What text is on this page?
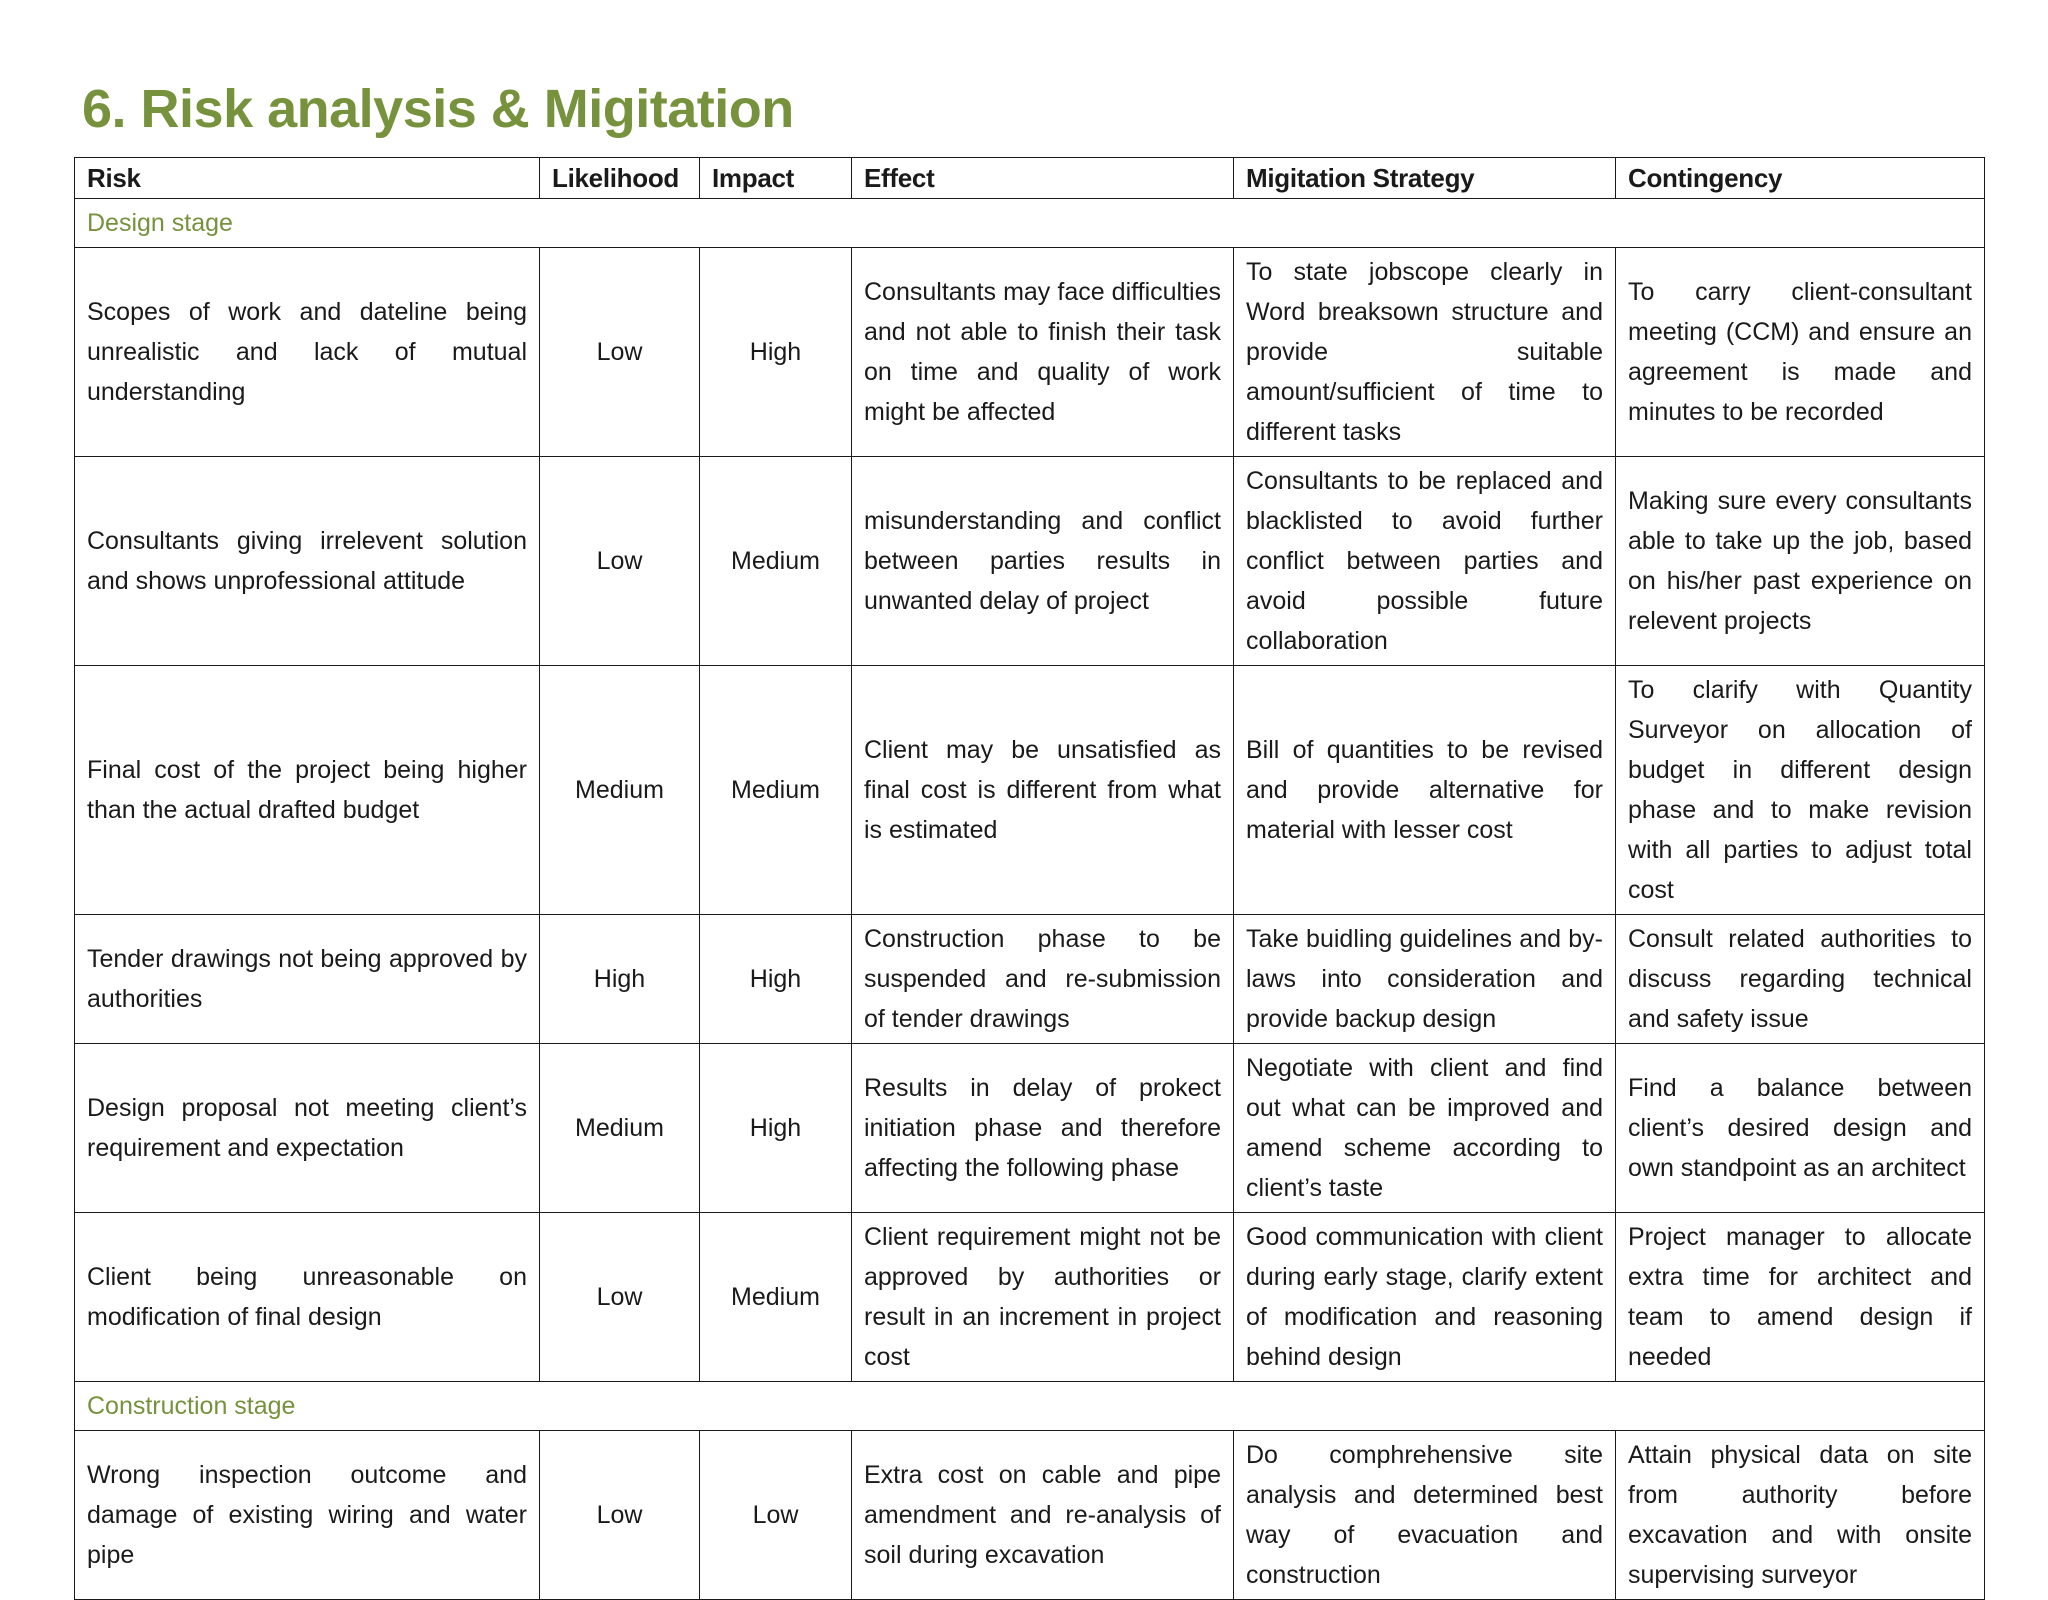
6. Risk analysis & Migitation
Risk	Likelihood	Impact	Effect	Migitation Strategy	Contingency
Design stage					
Scopes of work and dateline being unrealistic and lack of mutual understanding	Low	High	Consultants may face difficulties and not able to finish their task on time and quality of work might be affected	To state jobscope clearly in Word breaksown structure and provide suitable amount/sufficient of time to different tasks	To carry client-consultant meeting (CCM) and ensure an agreement is made and minutes to be recorded
Consultants giving irrelevent solution and shows unprofessional attitude	Low	Medium	misunderstanding and conflict between parties results in unwanted delay of project	Consultants to be replaced and blacklisted to avoid further conflict between parties and avoid possible future collaboration	Making sure every consultants able to take up the job, based on his/her past experience on relevent projects
Final cost of the project being higher than the actual drafted budget	Medium	Medium	Client may be unsatisfied as final cost is different from what is estimated	Bill of quantities to be revised and provide alternative for material with lesser cost	To clarify with Quantity Surveyor on allocation of budget in different design phase and to make revision with all parties to adjust total cost
Tender drawings not being approved by authorities	High	High	Construction phase to be suspended and re-submission of tender drawings	Take buidling guidelines and by-laws into consideration and provide backup design	Consult related authorities to discuss regarding technical and safety issue
Design proposal not meeting client’s requirement and expectation	Medium	High	Results in delay of prokect initiation phase and therefore affecting the following phase	Negotiate with client and find out what can be improved and amend scheme according to client’s taste	Find a balance between client’s desired design and own standpoint as an architect
Client being unreasonable on modification of final design	Low	Medium	Client requirement might not be approved by authorities or result in an increment in project cost	Good communication with client during early stage, clarify extent of modification and reasoning behind design	Project manager to allocate extra time for architect and team to amend design if needed
Construction stage					
Wrong inspection outcome and damage of existing wiring and water pipe	Low	Low	Extra cost on cable and pipe amendment and re-analysis of soil during excavation	Do comphrehensive site analysis and determined best way of evacuation and construction	Attain physical data on site from authority before excavation and with onsite supervising surveyor
